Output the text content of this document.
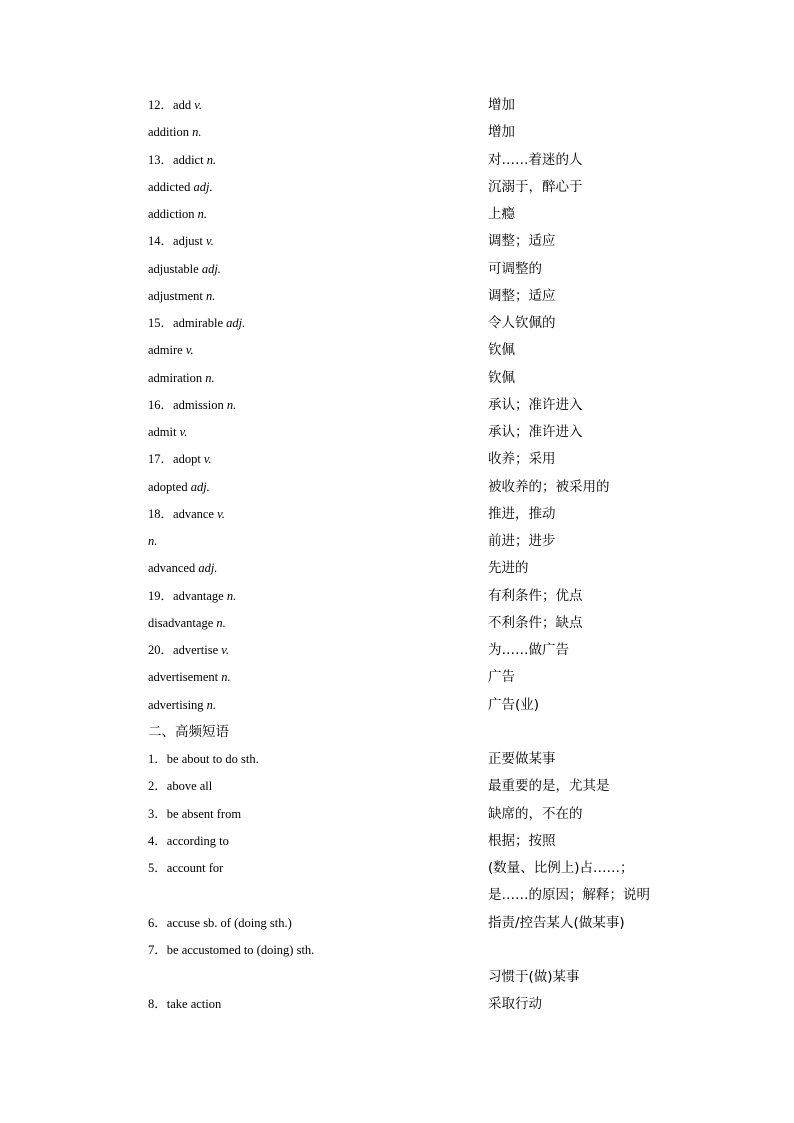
12．add v.	增加
addition n.	增加
13．addict n.	对……着迷的人
addicted adj.	沉溺于，醉心于
addiction n.	上瘾
14．adjust v.	调整；适应
adjustable adj.	可调整的
adjustment n.	调整；适应
15．admirable adj.	令人钦佩的
admire v.	钦佩
admiration n.	钦佩
16．admission n.	承认；准许进入
admit v.	承认；准许进入
17．adopt v.	收养；采用
adopted adj.	被收养的；被采用的
18．advance v.	推进，推动
n.	前进；进步
advanced adj.	先进的
19．advantage n.	有利条件；优点
disadvantage n.	不利条件；缺点
20．advertise v.	为……做广告
advertisement n.	广告
advertising n.	广告(业)
二、高频短语
1．be about to do sth.	正要做某事
2．above all	最重要的是，尤其是
3．be absent from	缺席的，不在的
4．according to	根据；按照
5．account for	(数量、比例上)占……；
是……的原因；解释；说明
6．accuse sb. of (doing sth.)	指责/控告某人(做某事)
7．be accustomed to (doing) sth.
习惯于(做)某事
8．take action	采取行动
